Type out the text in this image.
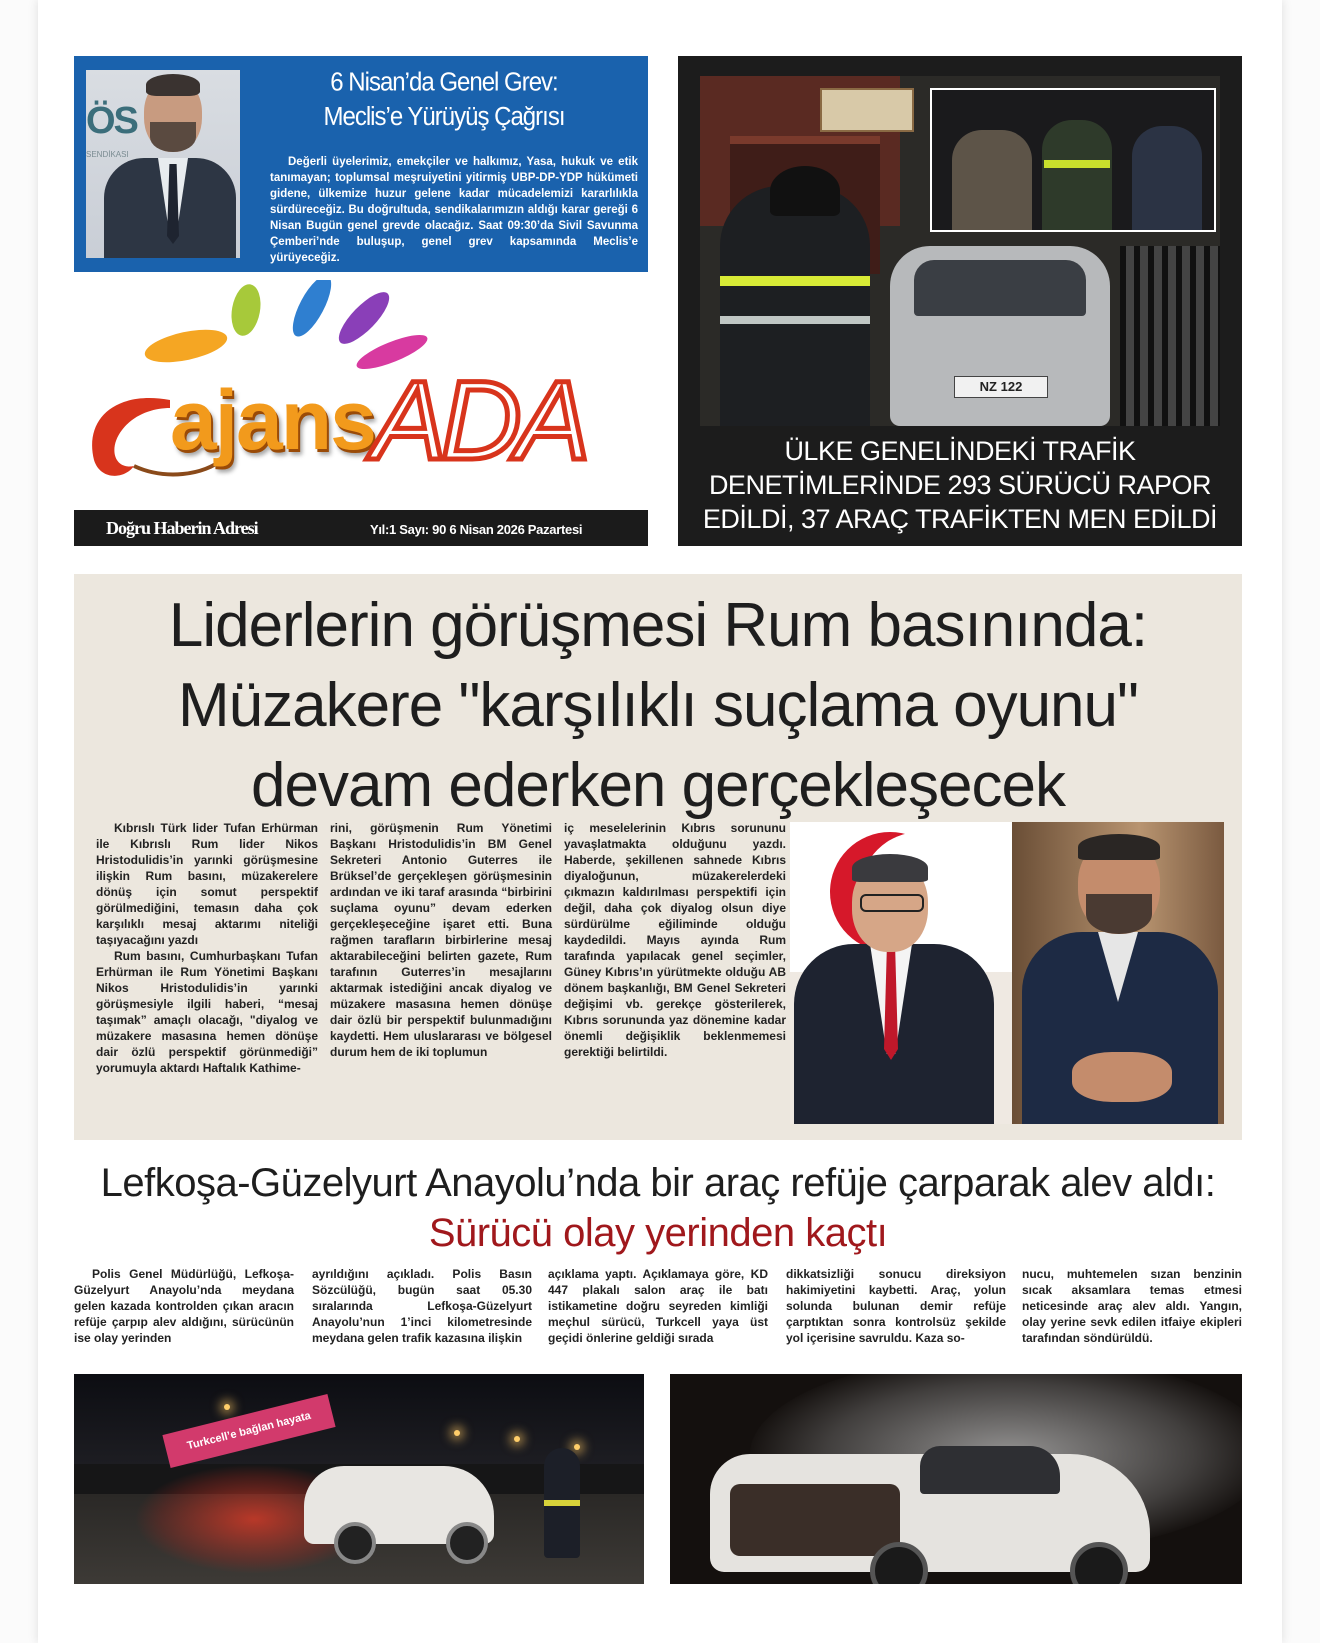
ÖS
SENDİKASI
6 Nisan’da Genel Grev:
Meclis’e Yürüyüş Çağrısı
Değerli üyelerimiz, emekçiler ve halkımız, Yasa, hukuk ve etik tanımayan; toplumsal meşruiyetini yitirmiş UBP-DP-YDP hükümeti gidene, ülkemize huzur gelene kadar mücadelemizi kararlılıkla sürdüreceğiz. Bu doğrultuda, sendikalarımızın aldığı karar gereği 6 Nisan Bugün genel grevde olacağız. Saat 09:30’da Sivil Savunma Çemberi’nde buluşup, genel grev kapsamında Meclis’e yürüyeceğiz.
ajans
ADA
Doğru Haberin Adresi	Yıl:1 Sayı: 90 6 Nisan 2026 Pazartesi
NZ 122
ÜLKE GENELİNDEKİ TRAFİK
DENETİMLERİNDE 293 SÜRÜCÜ RAPOR
EDİLDİ, 37 ARAÇ TRAFİKTEN MEN EDİLDİ
Liderlerin görüşmesi Rum basınında:
Müzakere "karşılıklı suçlama oyunu"
devam ederken gerçekleşecek

Kıbrıslı Türk lider Tufan Erhürman ile Kıbrıslı Rum lider Nikos Hristodulidis’in yarınki görüşmesine ilişkin Rum basını, müzakerelere dönüş için somut perspektif görülmediğini, temasın daha çok karşılıklı mesaj aktarımı niteliği taşıyacağını yazdı

Rum basını, Cumhurbaşkanı Tufan Erhürman ile Rum Yönetimi Başkanı Nikos Hristodulidis’in yarınki görüşmesiyle ilgili haberi, “mesaj taşımak” amaçlı olacağı, "diyalog ve müzakere masasına hemen dönüşe dair özlü perspektif görünmediği” yorumuyla aktardı Haftalık Kathime-

rini, görüşmenin Rum Yönetimi Başkanı Hristodulidis’in BM Genel Sekreteri Antonio Guterres ile Brüksel’de gerçekleşen görüşmesinin ardından ve iki taraf arasında “birbirini suçlama oyunu” devam ederken gerçekleşeceğine işaret etti. Buna rağmen tarafların birbirlerine mesaj aktarabileceğini belirten gazete, Rum tarafının Guterres’in mesajlarını aktarmak istediğini ancak diyalog ve müzakere masasına hemen dönüşe dair özlü bir perspektif bulunmadığını kaydetti. Hem uluslararası ve bölgesel durum hem de iki toplumun

iç meselelerinin Kıbrıs sorununu yavaşlatmakta olduğunu yazdı. Haberde, şekillenen sahnede Kıbrıs diyaloğunun, müzakerelerdeki çıkmazın kaldırılması perspektifi için değil, daha çok diyalog olsun diye sürdürülme eğiliminde olduğu kaydedildi. Mayıs ayında Rum tarafında yapılacak genel seçimler, Güney Kıbrıs’ın yürütmekte olduğu AB dönem başkanlığı, BM Genel Sekreteri değişimi vb. gerekçe gösterilerek, Kıbrıs sorununda yaz dönemine kadar önemli değişiklik beklenmemesi gerektiği belirtildi.

Lefkoşa-Güzelyurt Anayolu’nda bir araç refüje çarparak alev aldı:
Sürücü olay yerinden kaçtı
Polis Genel Müdürlüğü, Lefkoşa-Güzelyurt Anayolu’nda meydana gelen kazada kontrolden çıkan aracın refüje çarpıp alev aldığını, sürücünün ise olay yerinden
ayrıldığını açıkladı. Polis Basın Sözcülüğü, bugün saat 05.30 sıralarında Lefkoşa-Güzelyurt Anayolu’nun 1’inci kilometresinde meydana gelen trafik kazasına ilişkin
açıklama yaptı. Açıklamaya göre, KD 447 plakalı salon araç ile batı istikametine doğru seyreden kimliği meçhul sürücü, Turkcell yaya üst geçidi önlerine geldiği sırada
dikkatsizliği sonucu direksiyon hakimiyetini kaybetti. Araç, yolun solunda bulunan demir refüje çarptıktan sonra kontrolsüz şekilde yol içerisine savruldu. Kaza so-
nucu, muhtemelen sızan benzinin sıcak aksamlara temas etmesi neticesinde araç alev aldı. Yangın, olay yerine sevk edilen itfaiye ekipleri tarafından söndürüldü.
Turkcell’e bağlan hayata
